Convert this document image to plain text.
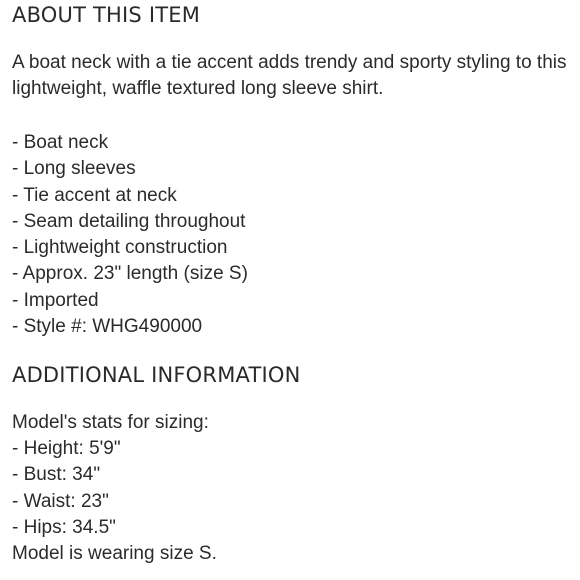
ABOUT THIS ITEM

A boat neck with a tie accent adds trendy and sporty styling to this lightweight, waffle textured long sleeve shirt.

- Boat neck
- Long sleeves
- Tie accent at neck
- Seam detailing throughout
- Lightweight construction
- Approx. 23" length (size S)
- Imported
- Style #: WHG490000
ADDITIONAL INFORMATION

Model's stats for sizing:

- Height: 5'9"
- Bust: 34"
- Waist: 23"
- Hips: 34.5"

Model is wearing size S.
